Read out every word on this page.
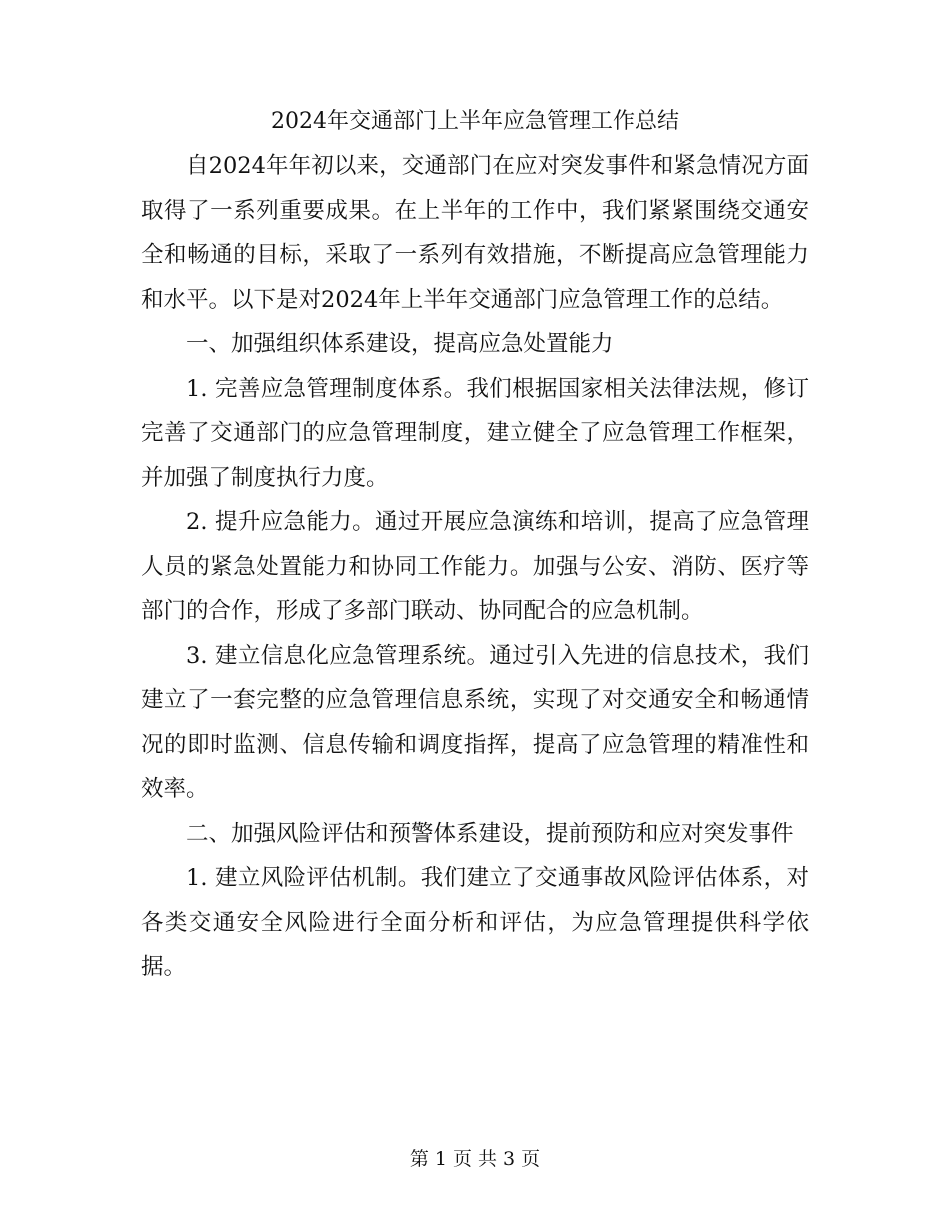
2024年交通部门上半年应急管理工作总结

自2024年年初以来，交通部门在应对突发事件和紧急情况方面取得了一系列重要成果。在上半年的工作中，我们紧紧围绕交通安全和畅通的目标，采取了一系列有效措施，不断提高应急管理能力和水平。以下是对2024年上半年交通部门应急管理工作的总结。

一、加强组织体系建设，提高应急处置能力

1. 完善应急管理制度体系。我们根据国家相关法律法规，修订完善了交通部门的应急管理制度，建立健全了应急管理工作框架，并加强了制度执行力度。

2. 提升应急能力。通过开展应急演练和培训，提高了应急管理人员的紧急处置能力和协同工作能力。加强与公安、消防、医疗等部门的合作，形成了多部门联动、协同配合的应急机制。

3. 建立信息化应急管理系统。通过引入先进的信息技术，我们建立了一套完整的应急管理信息系统，实现了对交通安全和畅通情况的即时监测、信息传输和调度指挥，提高了应急管理的精准性和效率。

二、加强风险评估和预警体系建设，提前预防和应对突发事件

1. 建立风险评估机制。我们建立了交通事故风险评估体系，对各类交通安全风险进行全面分析和评估，为应急管理提供科学依据。

第 1 页 共 3 页
